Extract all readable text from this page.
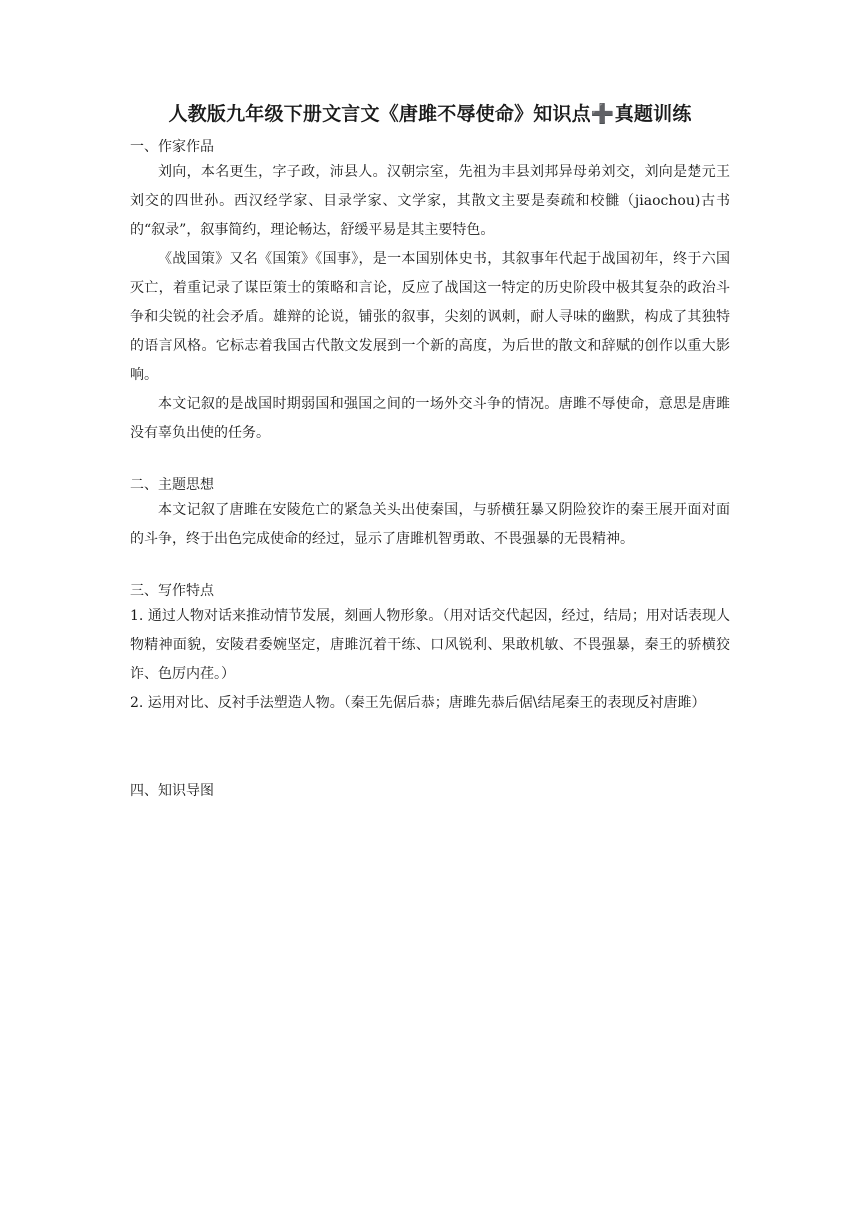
人教版九年级下册文言文《唐雎不辱使命》知识点➕真题训练
一、作家作品

刘向，本名更生，字子政，沛县人。汉朝宗室，先祖为丰县刘邦异母弟刘交，刘向是楚元王刘交的四世孙。西汉经学家、目录学家、文学家，其散文主要是奏疏和校雠（jiaochou)古书的“叙录”，叙事简约，理论畅达，舒缓平易是其主要特色。

《战国策》又名《国策》《国事》，是一本国别体史书，其叙事年代起于战国初年，终于六国灭亡，着重记录了谋臣策士的策略和言论，反应了战国这一特定的历史阶段中极其复杂的政治斗争和尖锐的社会矛盾。雄辩的论说，铺张的叙事，尖刻的讽刺，耐人寻味的幽默，构成了其独特的语言风格。它标志着我国古代散文发展到一个新的高度，为后世的散文和辞赋的创作以重大影响。

本文记叙的是战国时期弱国和强国之间的一场外交斗争的情况。唐雎不辱使命，意思是唐雎没有辜负出使的任务。

二、主题思想

本文记叙了唐雎在安陵危亡的紧急关头出使秦国，与骄横狂暴又阴险狡诈的秦王展开面对面的斗争，终于出色完成使命的经过，显示了唐雎机智勇敢、不畏强暴的无畏精神。

三、写作特点

1. 通过人物对话来推动情节发展，刻画人物形象。（用对话交代起因，经过，结局；用对话表现人物精神面貌，安陵君委婉坚定，唐雎沉着干练、口风锐利、果敢机敏、不畏强暴，秦王的骄横狡诈、色厉内荏。）

2. 运用对比、反衬手法塑造人物。（秦王先倨后恭；唐雎先恭后倨\结尾秦王的表现反衬唐雎）

四、知识导图
